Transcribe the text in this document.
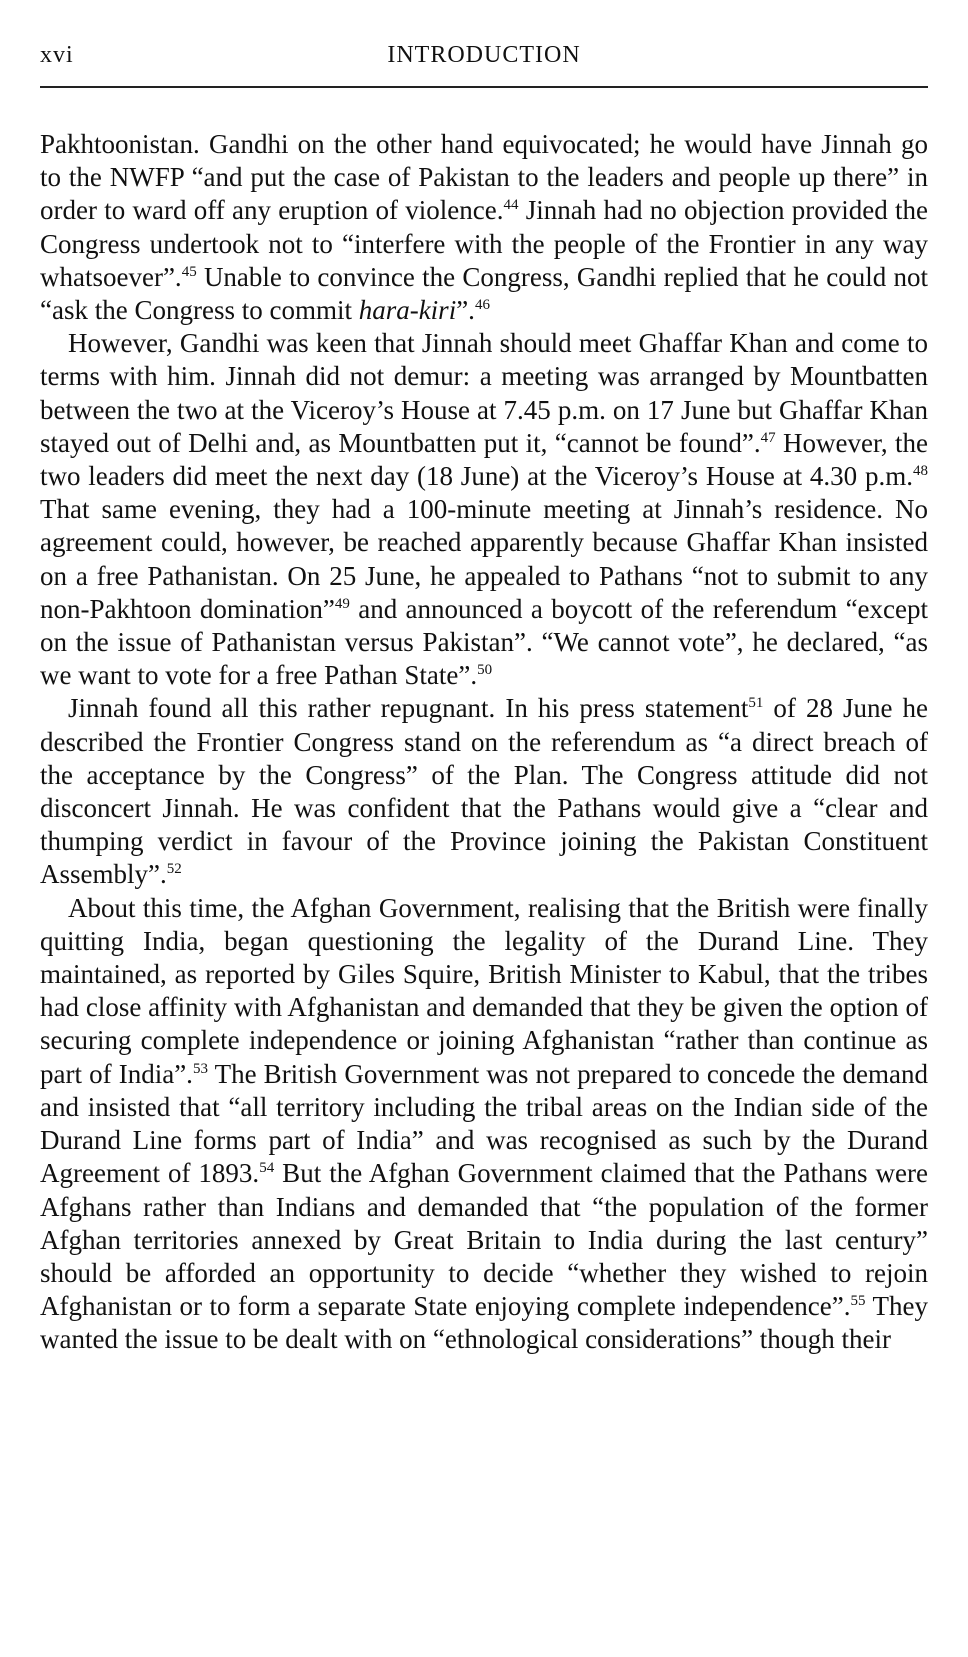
xvi	INTRODUCTION

Pakhtoonistan. Gandhi on the other hand equivocated; he would have Jinnah go to the NWFP “and put the case of Pakistan to the leaders and people up there” in order to ward off any eruption of violence.$^{44}$ Jinnah had no objection provided the Congress undertook not to “interfere with the people of the Frontier in any way whatsoever”.$^{45}$ Unable to convince the Congress, Gandhi replied that he could not “ask the Congress to commit hara-kiri”.$^{46}$

However, Gandhi was keen that Jinnah should meet Ghaffar Khan and come to terms with him. Jinnah did not demur: a meeting was arranged by Mountbatten between the two at the Viceroy’s House at 7.45 p.m. on 17 June but Ghaffar Khan stayed out of Delhi and, as Mountbatten put it, “cannot be found”.$^{47}$ However, the two leaders did meet the next day (18 June) at the Viceroy’s House at 4.30 p.m.$^{48}$ That same evening, they had a 100-minute meeting at Jinnah’s residence. No agreement could, however, be reached apparently because Ghaffar Khan insisted on a free Pathanistan. On 25 June, he appealed to Pathans “not to submit to any non-Pakhtoon domination”$^{49}$ and announced a boycott of the referendum “except on the issue of Pathanistan versus Pakistan”. “We cannot vote”, he declared, “as we want to vote for a free Pathan State”.$^{50}$

Jinnah found all this rather repugnant. In his press statement$^{51}$ of 28 June he described the Frontier Congress stand on the referendum as “a direct breach of the acceptance by the Congress” of the Plan. The Congress attitude did not disconcert Jinnah. He was confident that the Pathans would give a “clear and thumping verdict in favour of the Province joining the Pakistan Constituent Assembly”.$^{52}$

About this time, the Afghan Government, realising that the British were finally quitting India, began questioning the legality of the Durand Line. They maintained, as reported by Giles Squire, British Minister to Kabul, that the tribes had close affinity with Afghanistan and demanded that they be given the option of securing complete independence or joining Afghanistan “rather than continue as part of India”.$^{53}$ The British Government was not prepared to concede the demand and insisted that “all territory including the tribal areas on the Indian side of the Durand Line forms part of India” and was recognised as such by the Durand Agreement of 1893.54 But the Afghan Government claimed that the Pathans were Afghans rather than Indians and demanded that “the population of the former Afghan territories annexed by Great Britain to India during the last century” should be afforded an opportunity to decide “whether they wished to rejoin Afghanistan or to form a separate State enjoying complete independence”.$^{55}$ They wanted the issue to be dealt with on “ethnological considerations” though their
